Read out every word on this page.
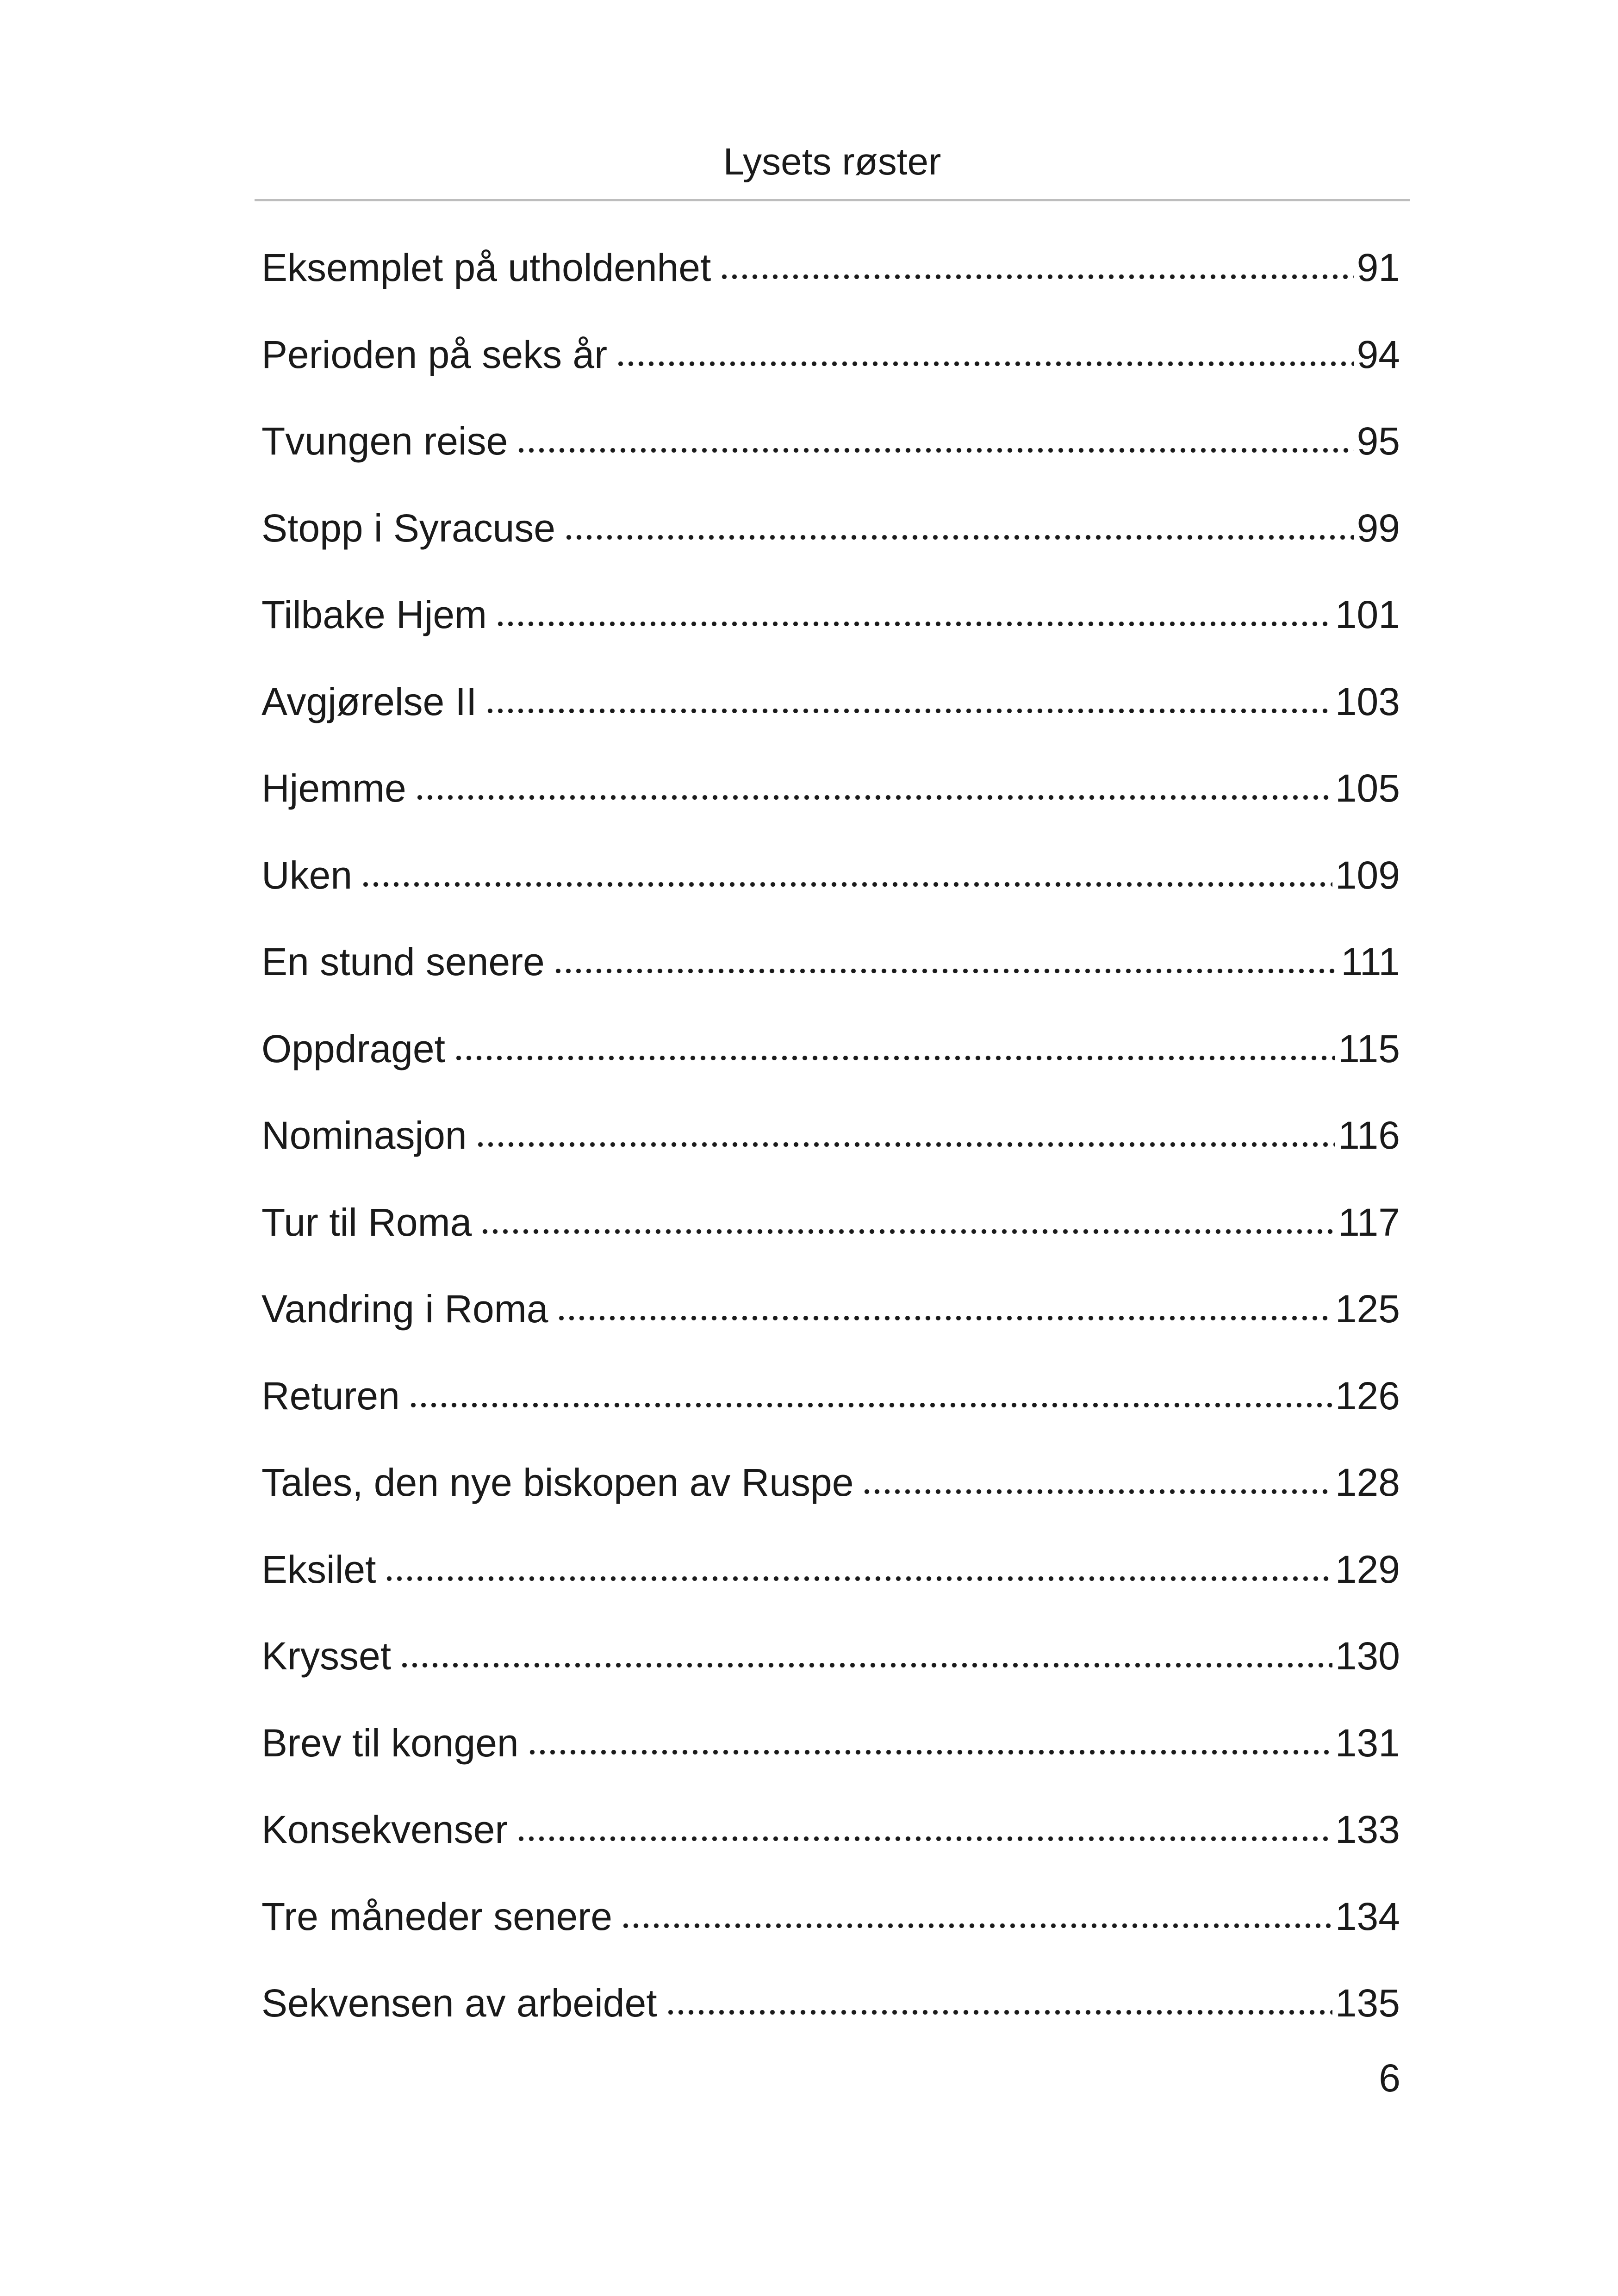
Lysets røster
Eksemplet på utholdenhet	91
Perioden på seks år	94
Tvungen reise	95
Stopp i Syracuse	99
Tilbake Hjem	101
Avgjørelse II	103
Hjemme	105
Uken	109
En stund senere	111
Oppdraget	115
Nominasjon	116
Tur til Roma	117
Vandring i Roma	125
Returen	126
Tales, den nye biskopen av Ruspe	128
Eksilet	129
Krysset	130
Brev til kongen	131
Konsekvenser	133
Tre måneder senere	134
Sekvensen av arbeidet	135
6
